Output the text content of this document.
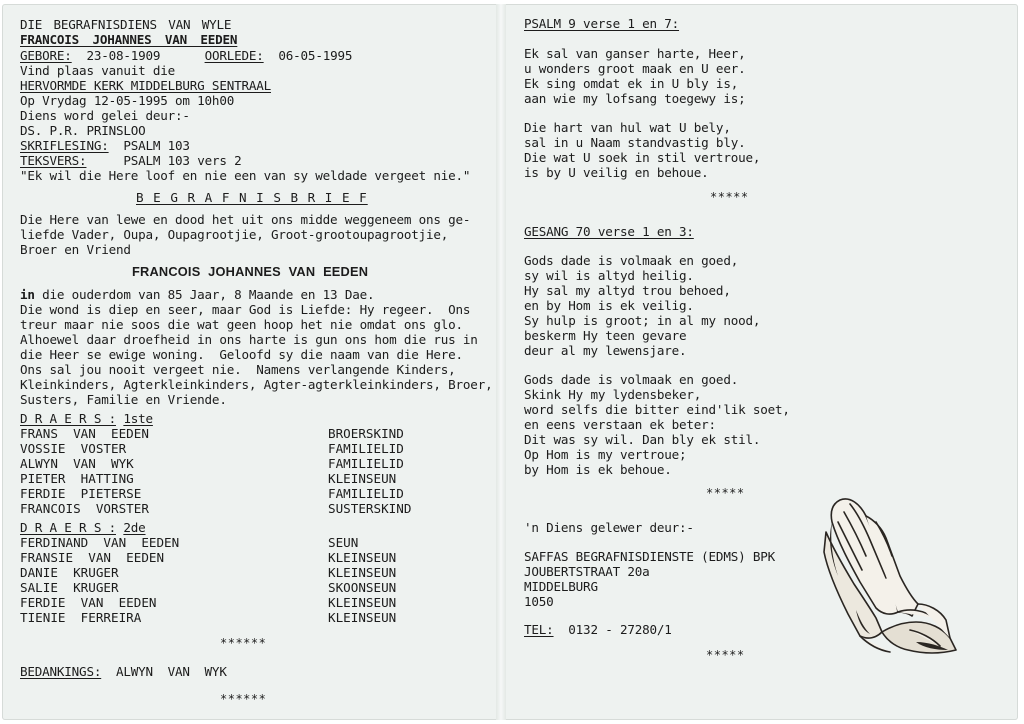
DIE BEGRAFNISDIENS VAN WYLE
FRANCOIS JOHANNES VAN EEDEN
GEBORE: 23-08-1909	OORLEDE: 06-05-1995
Vind plaas vanuit die
HERVORMDE KERK MIDDELBURG SENTRAAL
Op Vrydag 12-05-1995 om 10h00
Diens word gelei deur:-
DS. P.R. PRINSLOO
SKRIFLESING: PSALM 103
TEKSVERS:	PSALM 103 vers 2
"Ek wil die Here loof en nie een van sy weldade vergeet nie."
B E G R A F N I S B R I E F
Die Here van lewe en dood het uit ons midde weggeneem ons ge-
liefde Vader, Oupa, Oupagrootjie, Groot-grootoupagrootjie,
Broer en Vriend
FRANCOIS JOHANNES VAN EEDEN
in die ouderdom van 85 Jaar, 8 Maande en 13 Dae.
Die wond is diep en seer, maar God is Liefde: Hy regeer.  Ons
treur maar nie soos die wat geen hoop het nie omdat ons glo.
Alhoewel daar droefheid in ons harte is gun ons hom die rus in
die Heer se ewige woning.  Geloofd sy die naam van die Here.
Ons sal jou nooit vergeet nie.  Namens verlangende Kinders,
Kleinkinders, Agterkleinkinders, Agter-agterkleinkinders, Broer,
Susters, Familie en Vriende.
D R A E R S : 1ste
FRANS  VAN  EEDEN	BROERSKIND
VOSSIE  VOSTER	FAMILIELID
ALWYN  VAN  WYK	FAMILIELID
PIETER  HATTING	KLEINSEUN
FERDIE  PIETERSE	FAMILIELID
FRANCOIS  VORSTER	SUSTERSKIND
D R A E R S : 2de
FERDINAND  VAN  EEDEN	SEUN
FRANSIE  VAN  EEDEN	KLEINSEUN
DANIE  KRUGER	KLEINSEUN
SALIE  KRUGER	SKOONSEUN
FERDIE  VAN  EEDEN	KLEINSEUN
TIENIE  FERREIRA	KLEINSEUN
******
BEDANKINGS: ALWYN  VAN  WYK
******
PSALM 9 verse 1 en 7:
Ek sal van ganser harte, Heer,
u wonders groot maak en U eer.
Ek sing omdat ek in U bly is,
aan wie my lofsang toegewy is;
Die hart van hul wat U bely,
sal in u Naam standvastig bly.
Die wat U soek in stil vertroue,
is by U veilig en behoue.
*****
GESANG 70 verse 1 en 3:
Gods dade is volmaak en goed,
sy wil is altyd heilig.
Hy sal my altyd trou behoed,
en by Hom is ek veilig.
Sy hulp is groot; in al my nood,
beskerm Hy teen gevare
deur al my lewensjare.
Gods dade is volmaak en goed.
Skink Hy my lydensbeker,
word selfs die bitter eind'lik soet,
en eens verstaan ek beter:
Dit was sy wil. Dan bly ek stil.
Op Hom is my vertroue;
by Hom is ek behoue.
*****
'n Diens gelewer deur:-
SAFFAS BEGRAFNISDIENSTE (EDMS) BPK
JOUBERTSTRAAT 20a
MIDDELBURG
1050
TEL: 0132 - 27280/1
*****
